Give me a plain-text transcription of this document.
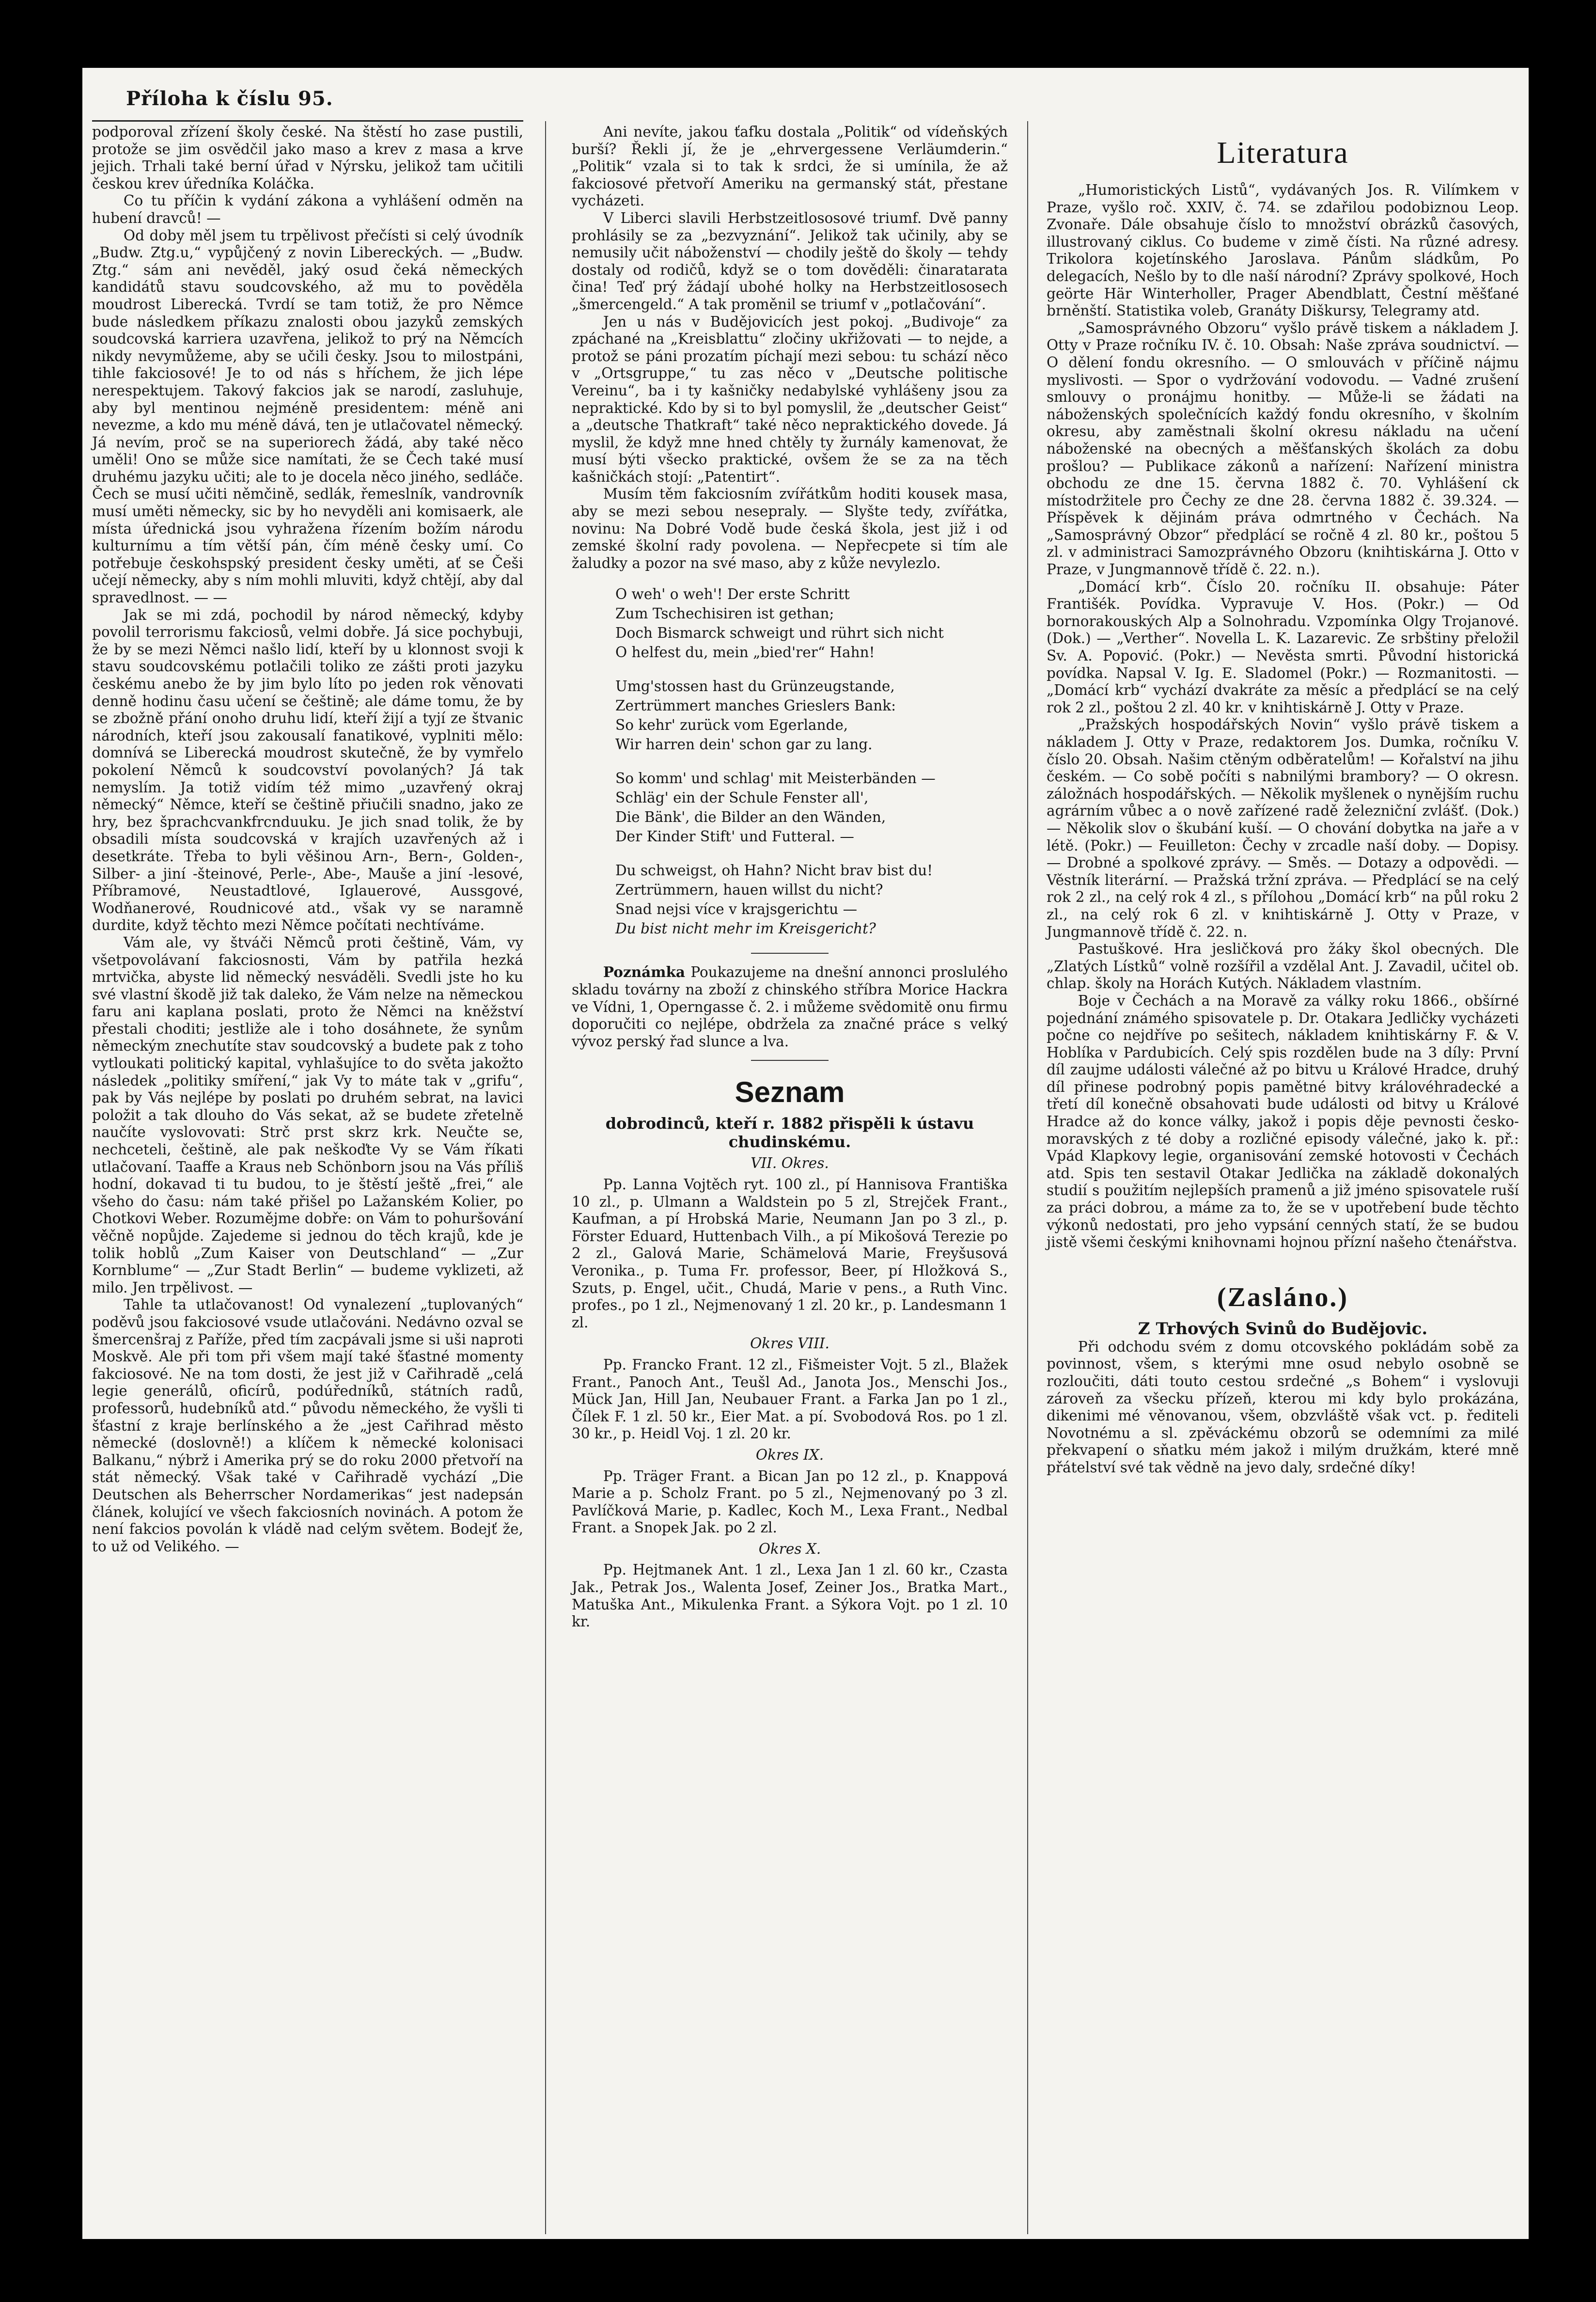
Příloha k číslu 95.

podporoval zřízení školy české. Na štěstí ho zase pustili, protože se jim osvědčil jako maso a krev z masa a krve jejich. Trhali také berní úřad v Nýrsku, jelikož tam učitili českou krev úředníka Koláčka.

Co tu příčin k vydání zákona a vyhlášení odměn na hubení dravců! —

Od doby měl jsem tu trpělivost přečísti si celý úvodník „Budw. Ztg.u,“ vypůjčený z novin Libereckých. — „Budw. Ztg.“ sám ani nevěděl, jaký osud čeká německých kandidátů stavu soudcovského, až mu to pověděla moudrost Liberecká. Tvrdí se tam totiž, že pro Němce bude následkem příkazu znalosti obou jazyků zemských soudcovská karriera uzavřena, jelikož to prý na Němcích nikdy nevymůžeme, aby se učili česky. Jsou to milostpáni, tihle fakciosové! Je to od nás s hříchem, že jich lépe nerespektujem. Takový fakcios jak se narodí, zasluhuje, aby byl mentinou nejméně presidentem: méně ani nevezme, a kdo mu méně dává, ten je utlačovatel německý. Já nevím, proč se na superiorech žádá, aby také něco uměli! Ono se může sice namítati, že se Čech také musí druhému jazyku učiti; ale to je docela něco jiného, sedláče. Čech se musí učiti němčině, sedlák, řemeslník, vandrovník musí uměti německy, sic by ho nevyděli ani komisaerk, ale místa úřednická jsou vyhražena řízením božím národu kulturnímu a tím větší pán, čím méně česky umí. Co potřebuje českohspský president česky uměti, ať se Češi učejí německy, aby s ním mohli mluviti, když chtějí, aby dal spravedlnost. — —

Jak se mi zdá, pochodil by národ německý, kdyby povolil terrorismu fakciosů, velmi dobře. Já sice pochybuji, že by se mezi Němci našlo lidí, kteří by u klonnost svoji k stavu soudcovskému potlačili toliko ze zášti proti jazyku českému anebo že by jim bylo líto po jeden rok věnovati denně hodinu času učení se češtině; ale dáme tomu, že by se zbožně přání onoho druhu lidí, kteří žijí a tyjí ze štvanic národních, kteří jsou zakousalí fanatikové, vyplniti mělo: domnívá se Liberecká moudrost skutečně, že by vymřelo pokolení Němců k soudcovství povolaných? Já tak nemyslím. Ja totiž vidím též mimo „uzavřený okraj německý“ Němce, kteří se češtině přiučili snadno, jako ze hry, bez šprachcvankfrcnduuku. Je jich snad tolik, že by obsadili místa soudcovská v krajích uzavřených až i desetkráte. Třeba to byli věšinou Arn-, Bern-, Golden-, Silber- a jiní -šteinové, Perle-, Abe-, Mauše a jiní -lesové, Příbramové, Neustadtlové, Iglauerové, Aussgové, Wodňanerové, Roudnicové atd., však vy se naramně durdite, když těchto mezi Němce počítati nechtíváme.

Vám ale, vy štváči Němců proti češtině, Vám, vy všetpovolávaní fakciosnosti, Vám by patřila hezká mrtvička, abyste lid německý nesváděli. Svedli jste ho ku své vlastní škodě již tak daleko, že Vám nelze na německou faru ani kaplana poslati, proto že Němci na kněžství přestali choditi; jestliže ale i toho dosáhnete, že synům německým znechutíte stav soudcovský a budete pak z toho vytloukati politický kapital, vyhlašujíce to do světa jakožto následek „politiky smíření,“ jak Vy to máte tak v „grifu“, pak by Vás nejlépe by poslati po druhém sebrat, na lavici položit a tak dlouho do Vás sekat, až se budete zřetelně naučíte vyslovovati: Strč prst skrz krk. Neučte se, nechceteli, češtině, ale pak neškoďte Vy se Vám říkati utlačovaní. Taaffe a Kraus neb Schönborn jsou na Vás příliš hodní, dokavad ti tu budou, to je štěstí ještě „frei,“ ale všeho do času: nám také přišel po Lažanském Kolier, po Chotkovi Weber. Rozumějme dobře: on Vám to pohuršování věčně nopůjde. Zajedeme si jednou do těch krajů, kde je tolik hoblů „Zum Kaiser von Deutschland“ — „Zur Kornblume“ — „Zur Stadt Berlin“ — budeme vyklizeti, až milo. Jen trpělivost. —

Tahle ta utlačovanost! Od vynalezení „tuplovaných“ poděvů jsou fakciosové vsude utlačováni. Nedávno ozval se šmercenšraj z Paříže, před tím zacpávali jsme si uši naproti Moskvě. Ale při tom při všem mají také šťastné momenty fakciosové. Ne na tom dosti, že jest již v Cařihradě „celá legie generálů, oficírů, podúředníků, státních radů, professorů, hudebníků atd.“ původu německého, že vyšli ti šťastní z kraje berlínského a že „jest Cařihrad město německé (doslovně!) a klíčem k německé kolonisaci Balkanu,“ nýbrž i Amerika prý se do roku 2000 přetvoří na stát německý. Však také v Cařihradě vychází „Die Deutschen als Beherrscher Nordamerikas“ jest nadepsán článek, kolující ve všech fakciosních novinách. A potom že není fakcios povolán k vládě nad celým světem. Bodejť že, to už od Velikého. —

Ani nevíte, jakou ťafku dostala „Politik“ od vídeňských burší? Řekli jí, že je „ehrvergessene Verläumderin.“ „Politik“ vzala si to tak k srdci, že si umínila, že až fakciosové přetvoří Ameriku na germanský stát, přestane vycházeti.

V Liberci slavili Herbstzeitlososové triumf. Dvě panny prohlásily se za „bezvyznání“. Jelikož tak učinily, aby se nemusily učit náboženství — chodily ještě do školy — tehdy dostaly od rodičů, když se o tom dověděli: činaratarata čina! Teď prý žádají ubohé holky na Herbstzeitlososech „šmercengeld.“ A tak proměnil se triumf v „potlačování“.

Jen u nás v Budějovicích jest pokoj. „Budivoje“ za zpáchané na „Kreisblattu“ zločiny ukřižovati — to nejde, a protož se páni prozatím píchají mezi sebou: tu schází něco v „Ortsgruppe,“ tu zas něco v „Deutsche politische Vereinu“, ba i ty kašničky nedabylské vyhlášeny jsou za nepraktické. Kdo by si to byl pomyslil, že „deutscher Geist“ a „deutsche Thatkraft“ také něco nepraktického dovede. Já myslil, že když mne hned chtěly ty žurnály kamenovat, že musí býti všecko praktické, ovšem že se za na těch kašničkách stojí: „Patentirt“.

Musím těm fakciosním zvířátkům hoditi kousek masa, aby se mezi sebou nesepraly. — Slyšte tedy, zvířátka, novinu: Na Dobré Vodě bude česká škola, jest již i od zemské školní rady povolena. — Nepřecpete si tím ale žaludky a pozor na své maso, aby z kůže nevylezlo.

O weh' o weh'! Der erste Schritt
Zum Tschechisiren ist gethan;
Doch Bismarck schweigt und rührt sich nicht
O helfest du, mein „bied'rer“ Hahn!
Umg'stossen hast du Grünzeugstande,
Zertrümmert manches Grieslers Bank:
So kehr' zurück vom Egerlande,
Wir harren dein' schon gar zu lang.
So komm' und schlag' mit Meisterbänden —
Schläg' ein der Schule Fenster all',
Die Bänk', die Bilder an den Wänden,
Der Kinder Stift' und Futteral. —
Du schweigst, oh Hahn? Nicht brav bist du!
Zertrümmern, hauen willst du nicht?
Snad nejsi více v krajsgerichtu —
Du bist nicht mehr im Kreisgericht?

Poznámka Poukazujeme na dnešní annonci proslulého skladu továrny na zboží z chinského stříbra Morice Hackra ve Vídni, 1, Operngasse č. 2. i můžeme svědomitě onu firmu doporučiti co nejlépe, obdržela za značné práce s velký vývoz perský řad slunce a lva.

Seznam
dobrodinců, kteří r. 1882 přispěli k ústavu chudinskému.
VII. Okres.

Pp. Lanna Vojtěch ryt. 100 zl., pí Hannisova Františka 10 zl., p. Ulmann a Waldstein po 5 zl, Strejček Frant., Kaufman, a pí Hrobská Marie, Neumann Jan po 3 zl., p. Förster Eduard, Huttenbach Vilh., a pí Mikošová Terezie po 2 zl., Galová Marie, Schämelová Marie, Freyšusová Veronika., p. Tuma Fr. professor, Beer, pí Hložková S., Szuts, p. Engel, učit., Chudá, Marie v pens., a Ruth Vinc. profes., po 1 zl., Nejmenovaný 1 zl. 20 kr., p. Landesmann 1 zl.

Okres VIII.

Pp. Francko Frant. 12 zl., Fišmeister Vojt. 5 zl., Blažek Frant., Panoch Ant., Teušl Ad., Janota Jos., Menschi Jos., Mück Jan, Hill Jan, Neubauer Frant. a Farka Jan po 1 zl., Čílek F. 1 zl. 50 kr., Eier Mat. a pí. Svobodová Ros. po 1 zl. 30 kr., p. Heidl Voj. 1 zl. 20 kr.

Okres IX.

Pp. Träger Frant. a Bican Jan po 12 zl., p. Knappová Marie a p. Scholz Frant. po 5 zl., Nejmenovaný po 3 zl. Pavlíčková Marie, p. Kadlec, Koch M., Lexa Frant., Nedbal Frant. a Snopek Jak. po 2 zl.

Okres X.

Pp. Hejtmanek Ant. 1 zl., Lexa Jan 1 zl. 60 kr., Czasta Jak., Petrak Jos., Walenta Josef, Zeiner Jos., Bratka Mart., Matuška Ant., Mikulenka Frant. a Sýkora Vojt. po 1 zl. 10 kr.

Literatura

„Humoristických Listů“, vydávaných Jos. R. Vilímkem v Praze, vyšlo roč. XXIV, č. 74. se zdařilou podobiznou Leop. Zvonaře. Dále obsahuje číslo to množství obrázků časových, illustrovaný ciklus. Co budeme v zimě čísti. Na různé adresy. Trikolora kojetínského Jaroslava. Pánům sládkům, Po delegacích, Nešlo by to dle naší národní? Zprávy spolkové, Hoch geörte Här Winterholler, Prager Abendblatt, Čestní měšťané brněnští. Statistika voleb, Granáty Diškursy, Telegramy atd.

„Samosprávného Obzoru“ vyšlo právě tiskem a nákladem J. Otty v Praze ročníku IV. č. 10. Obsah: Naše zpráva soudnictví. — O dělení fondu okresního. — O smlouvách v příčině nájmu myslivosti. — Spor o vydržování vodovodu. — Vadné zrušení smlouvy o pronájmu honitby. — Může-li se žádati na náboženských společnících každý fondu okresního, v školním okresu, aby zaměstnali školní okresu nákladu na učení náboženské na obecných a měšťanských školách za dobu prošlou? — Publikace zákonů a nařízení: Nařízení ministra obchodu ze dne 15. června 1882 č. 70. Vyhlášení ck místodržitele pro Čechy ze dne 28. června 1882 č. 39.324. — Příspěvek k dějinám práva odmrtného v Čechách. Na „Samosprávný Obzor“ předplácí se ročně 4 zl. 80 kr., poštou 5 zl. v administraci Samozprávného Obzoru (knihtiskárna J. Otto v Praze, v Jungmannově třídě č. 22. n.).

„Domácí krb“. Číslo 20. ročníku II. obsahuje: Páter Františék. Povídka. Vypravuje V. Hos. (Pokr.) — Od bornorakouských Alp a Solnohradu. Vzpomínka Olgy Trojanové. (Dok.) — „Verther“. Novella L. K. Lazarevic. Ze srbštiny přeložil Sv. A. Popović. (Pokr.) — Nevěsta smrti. Původní historická povídka. Napsal V. Ig. E. Sladomel (Pokr.) — Rozmanitosti. — „Domácí krb“ vychází dvakráte za měsíc a předplácí se na celý rok 2 zl., poštou 2 zl. 40 kr. v knihtiskárně J. Otty v Praze.

„Pražských hospodářských Novin“ vyšlo právě tiskem a nákladem J. Otty v Praze, redaktorem Jos. Dumka, ročníku V. číslo 20. Obsah. Našim ctěným odběratelům! — Kořalství na jihu českém. — Co sobě počíti s nabnilými brambory? — O okresn. záložnách hospodářských. — Několik myšlenek o nynějším ruchu agrárním vůbec a o nově zařízené radě železniční zvlášť. (Dok.) — Několik slov o škubání kuší. — O chování dobytka na jaře a v létě. (Pokr.) — Feuilleton: Čechy v zrcadle naší doby. — Dopisy. — Drobné a spolkové zprávy. — Směs. — Dotazy a odpovědi. — Věstník literární. — Pražská tržní zpráva. — Předplácí se na celý rok 2 zl., na celý rok 4 zl., s přílohou „Domácí krb“ na půl roku 2 zl., na celý rok 6 zl. v knihtiskárně J. Otty v Praze, v Jungmannově třídě č. 22. n.

Pastuškové. Hra jesličková pro žáky škol obecných. Dle „Zlatých Lístků“ volně rozšířil a vzdělal Ant. J. Zavadil, učitel ob. chlap. školy na Horách Kutých. Nákladem vlastním.

Boje v Čechách a na Moravě za války roku 1866., obšírné pojednání známého spisovatele p. Dr. Otakara Jedličky vycházeti počne co nejdříve po sešitech, nákladem knihtiskárny F. & V. Hoblíka v Pardubicích. Celý spis rozdělen bude na 3 díly: První díl zaujme události válečné až po bitvu u Králové Hradce, druhý díl přinese podrobný popis pamětné bitvy královéhradecké a třetí díl konečně obsahovati bude události od bitvy u Králové Hradce až do konce války, jakož i popis děje pevnosti česko-moravských z té doby a rozličné episody válečné, jako k. př.: Vpád Klapkovy legie, organisování zemské hotovosti v Čechách atd. Spis ten sestavil Otakar Jedlička na základě dokonalých studií s použitím nejlepších pramenů a již jméno spisovatele ruší za práci dobrou, a máme za to, že se v upotřebení bude těchto výkonů nedostati, pro jeho vypsání cenných statí, že se budou jistě všemi českými knihovnami hojnou přízní našeho čtenářstva.

(Zasláno.)
Z Trhových Svinů do Budějovic.

Při odchodu svém z domu otcovského pokládám sobě za povinnost, všem, s kterými mne osud nebylo osobně se rozloučiti, dáti touto cestou srdečné „s Bohem“ i vyslovuji zároveň za všecku přízeň, kterou mi kdy bylo prokázána, dikenimi mé věnovanou, všem, obzvláště však vct. p. řediteli Novotnému a sl. zpěváckému obzorů se odemními za milé překvapení o sňatku mém jakož i milým družkám, které mně přátelství své tak vědně na jevo daly, srdečné díky!
